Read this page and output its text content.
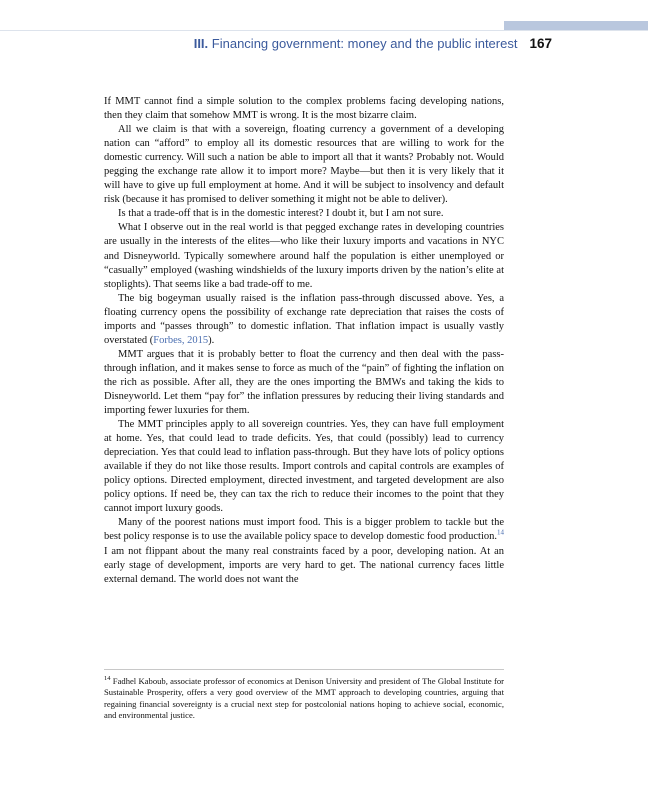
III. Financing government: money and the public interest 167

If MMT cannot find a simple solution to the complex problems facing developing nations, then they claim that somehow MMT is wrong. It is the most bizarre claim.

All we claim is that with a sovereign, floating currency a government of a developing nation can “afford” to employ all its domestic resources that are willing to work for the domestic currency. Will such a nation be able to import all that it wants? Probably not. Would pegging the exchange rate allow it to import more? Maybe—but then it is very likely that it will have to give up full employment at home. And it will be subject to insolvency and default risk (because it has promised to deliver something it might not be able to deliver).

Is that a trade-off that is in the domestic interest? I doubt it, but I am not sure.

What I observe out in the real world is that pegged exchange rates in developing countries are usually in the interests of the elites—who like their luxury imports and vacations in NYC and Disneyworld. Typically somewhere around half the population is either unemployed or “casually” employed (washing windshields of the luxury imports driven by the nation’s elite at stoplights). That seems like a bad trade-off to me.

The big bogeyman usually raised is the inflation pass-through discussed above. Yes, a floating currency opens the possibility of exchange rate depreciation that raises the costs of imports and “passes through” to domestic inflation. That inflation impact is usually vastly overstated (Forbes, 2015).

MMT argues that it is probably better to float the currency and then deal with the pass-through inflation, and it makes sense to force as much of the “pain” of fighting the inflation on the rich as possible. After all, they are the ones importing the BMWs and taking the kids to Disneyworld. Let them “pay for” the inflation pressures by reducing their living standards and importing fewer luxuries for them.

The MMT principles apply to all sovereign countries. Yes, they can have full employment at home. Yes, that could lead to trade deficits. Yes, that could (possibly) lead to currency depreciation. Yes that could lead to inflation pass-through. But they have lots of policy options available if they do not like those results. Import controls and capital controls are examples of policy options. Directed employment, directed investment, and targeted development are also policy options. If need be, they can tax the rich to reduce their incomes to the point that they cannot import luxury goods.

Many of the poorest nations must import food. This is a bigger problem to tackle but the best policy response is to use the available policy space to develop domestic food production.$^{14}$ I am not flippant about the many real constraints faced by a poor, developing nation. At an early stage of development, imports are very hard to get. The national currency faces little external demand. The world does not want the

$^{14}$ Fadhel Kaboub, associate professor of economics at Denison University and president of The Global Institute for Sustainable Prosperity, offers a very good overview of the MMT approach to developing countries, arguing that regaining financial sovereignty is a crucial next step for postcolonial nations hoping to achieve social, economic, and environmental justice.
